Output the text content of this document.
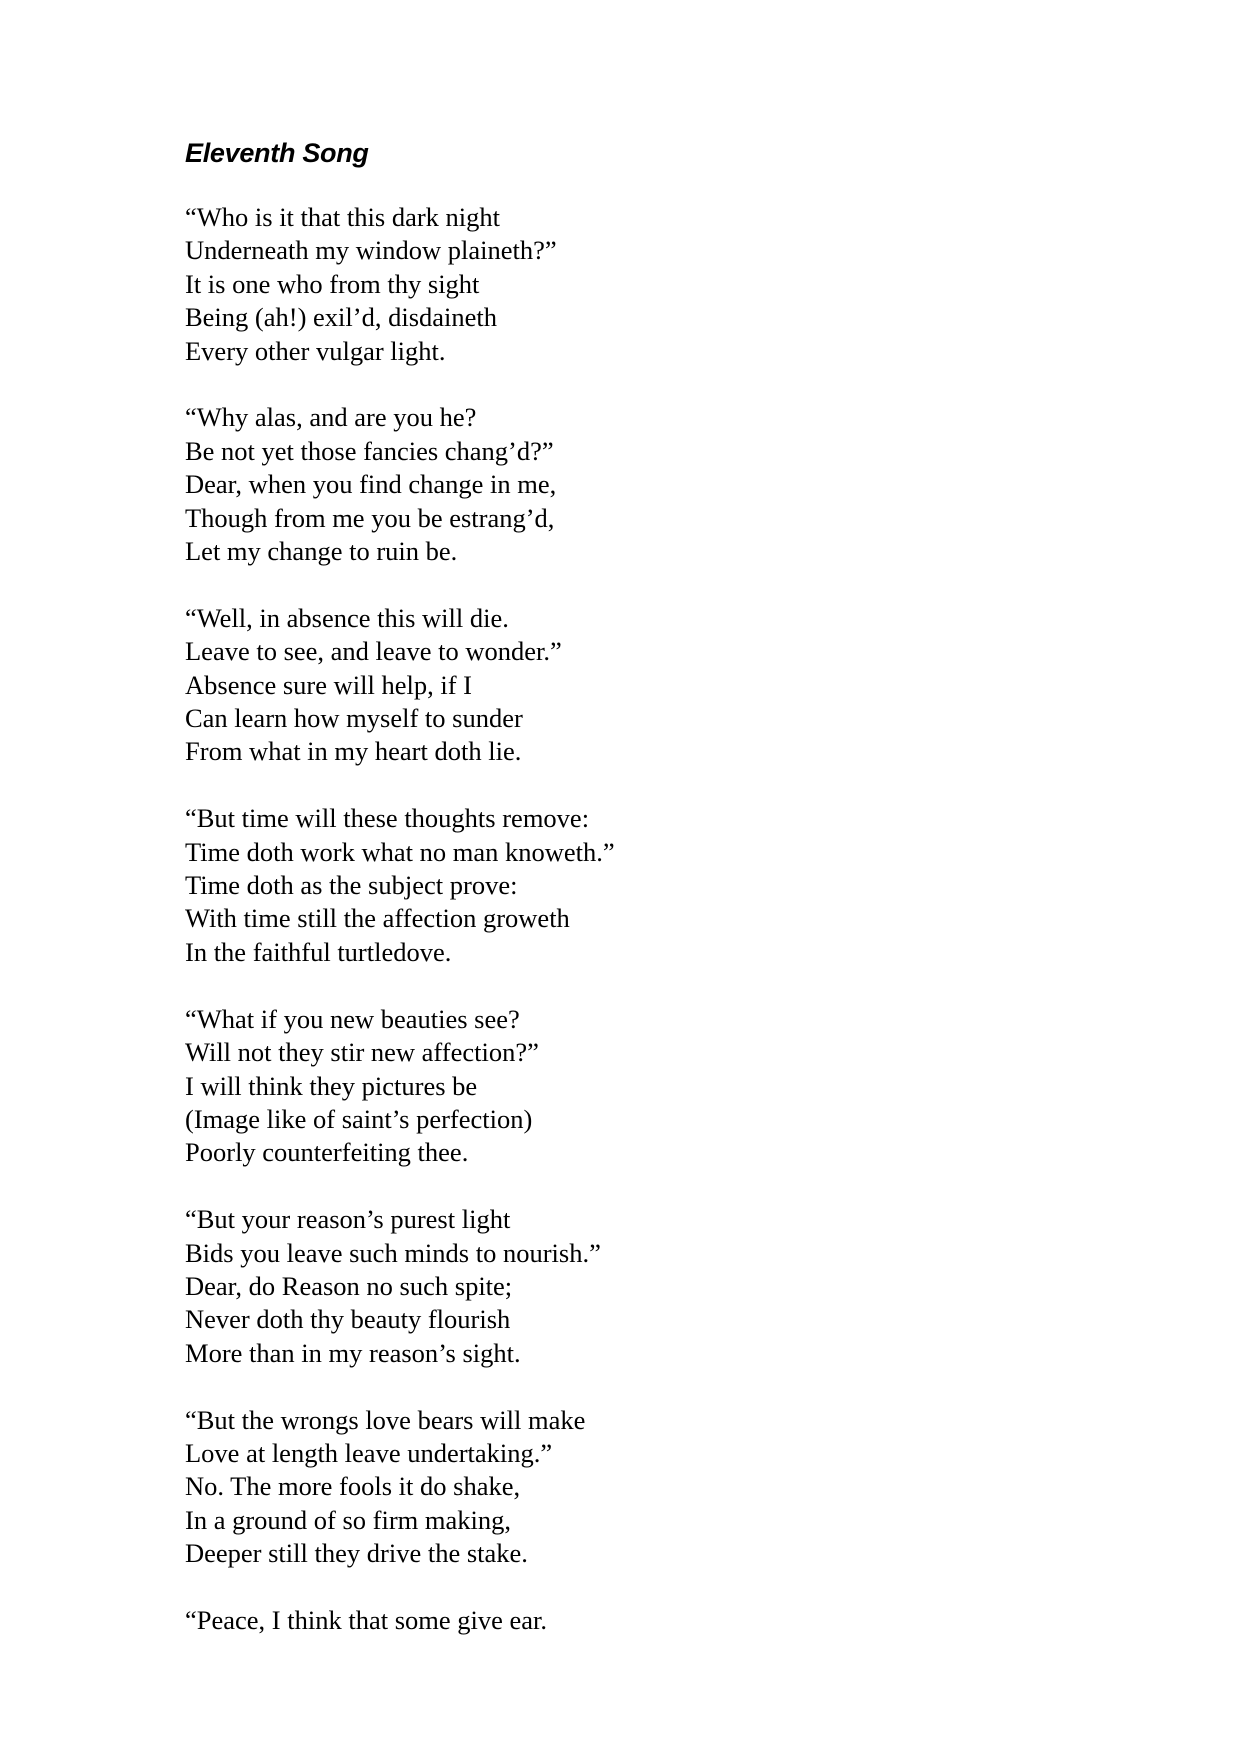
Eleventh Song
“Who is it that this dark night
Underneath my window plaineth?”
It is one who from thy sight
Being (ah!) exil’d, disdaineth
Every other vulgar light.
“Why alas, and are you he?
Be not yet those fancies chang’d?”
Dear, when you find change in me,
Though from me you be estrang’d,
Let my change to ruin be.
“Well, in absence this will die.
Leave to see, and leave to wonder.”
Absence sure will help, if I
Can learn how myself to sunder
From what in my heart doth lie.
“But time will these thoughts remove:
Time doth work what no man knoweth.”
Time doth as the subject prove:
With time still the affection groweth
In the faithful turtledove.
“What if you new beauties see?
Will not they stir new affection?”
I will think they pictures be
(Image like of saint’s perfection)
Poorly counterfeiting thee.
“But your reason’s purest light
Bids you leave such minds to nourish.”
Dear, do Reason no such spite;
Never doth thy beauty flourish
More than in my reason’s sight.
“But the wrongs love bears will make
Love at length leave undertaking.”
No. The more fools it do shake,
In a ground of so firm making,
Deeper still they drive the stake.
“Peace, I think that some give ear.
